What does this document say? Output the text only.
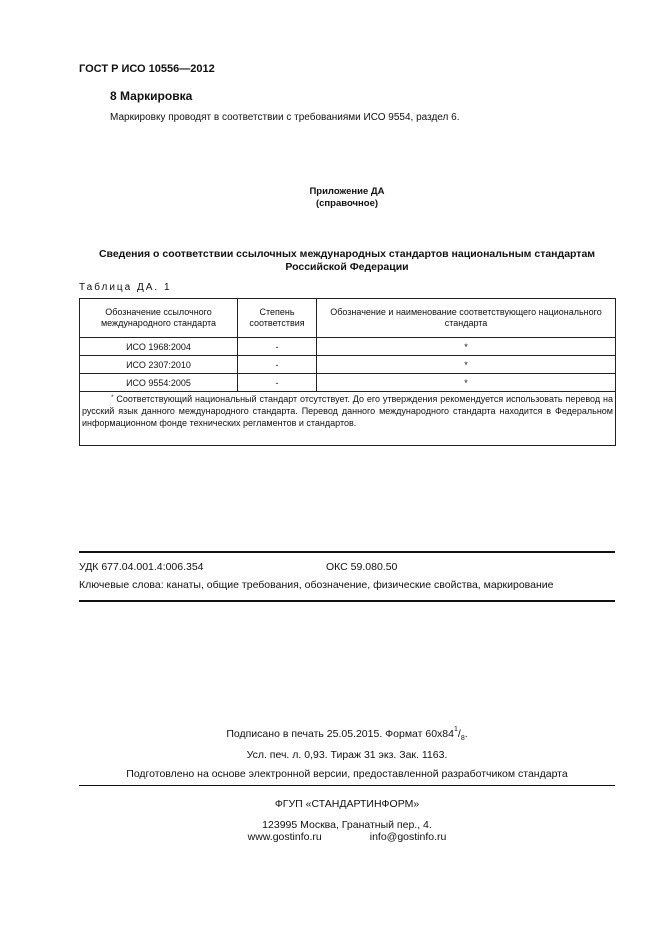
ГОСТ Р ИСО 10556—2012
8 Маркировка
Маркировку проводят в соответствии с требованиями ИСО 9554, раздел 6.
Приложение ДА
(справочное)
Сведения о соответствии ссылочных международных стандартов национальным стандартам Российской Федерации
Таблица ДА. 1
Обозначение ссылочного международного стандарта	Степень соответствия	Обозначение и наименование соответствующего национального стандарта
ИСО 1968:2004	-	*
ИСО 2307:2010	-	*
ИСО 9554:2005	-	*
* Соответствующий национальный стандарт отсутствует. До его утверждения рекомендуется использовать перевод на русский язык данного международного стандарта. Перевод данного международного стандарта находится в Федеральном информационном фонде технических регламентов и стандартов.		
УДК 677.04.001.4:006.354	ОКС 59.080.50
Ключевые слова: канаты, общие требования, обозначение, физические свойства, маркирование
Подписано в печать 25.05.2015. Формат $60x84^1/_8$.
Усл. печ. л. 0,93. Тираж 31 экз. Зак. 1163.
Подготовлено на основе электронной версии, предоставленной разработчиком стандарта
ФГУП «СТАНДАРТИНФОРМ»
123995 Москва, Гранатный пер., 4.
www.gostinfo.ru	info@gostinfo.ru
